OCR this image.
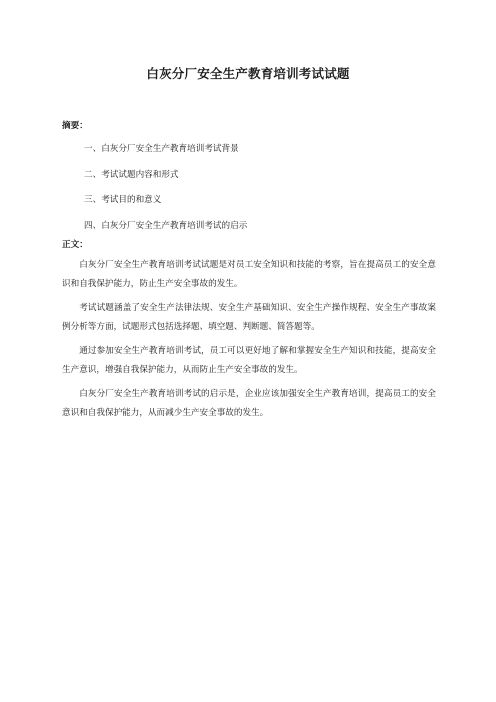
白灰分厂安全生产教育培训考试试题
摘要：
一、白灰分厂安全生产教育培训考试背景
二、考试试题内容和形式
三、考试目的和意义
四、白灰分厂安全生产教育培训考试的启示
正文：

白灰分厂安全生产教育培训考试试题是对员工安全知识和技能的考察，旨在提高员工的安全意识和自我保护能力，防止生产安全事故的发生。

考试试题涵盖了安全生产法律法规、安全生产基础知识、安全生产操作规程、安全生产事故案例分析等方面，试题形式包括选择题、填空题、判断题、简答题等。

通过参加安全生产教育培训考试，员工可以更好地了解和掌握安全生产知识和技能，提高安全生产意识，增强自我保护能力，从而防止生产安全事故的发生。

白灰分厂安全生产教育培训考试的启示是，企业应该加强安全生产教育培训，提高员工的安全意识和自我保护能力，从而减少生产安全事故的发生。
